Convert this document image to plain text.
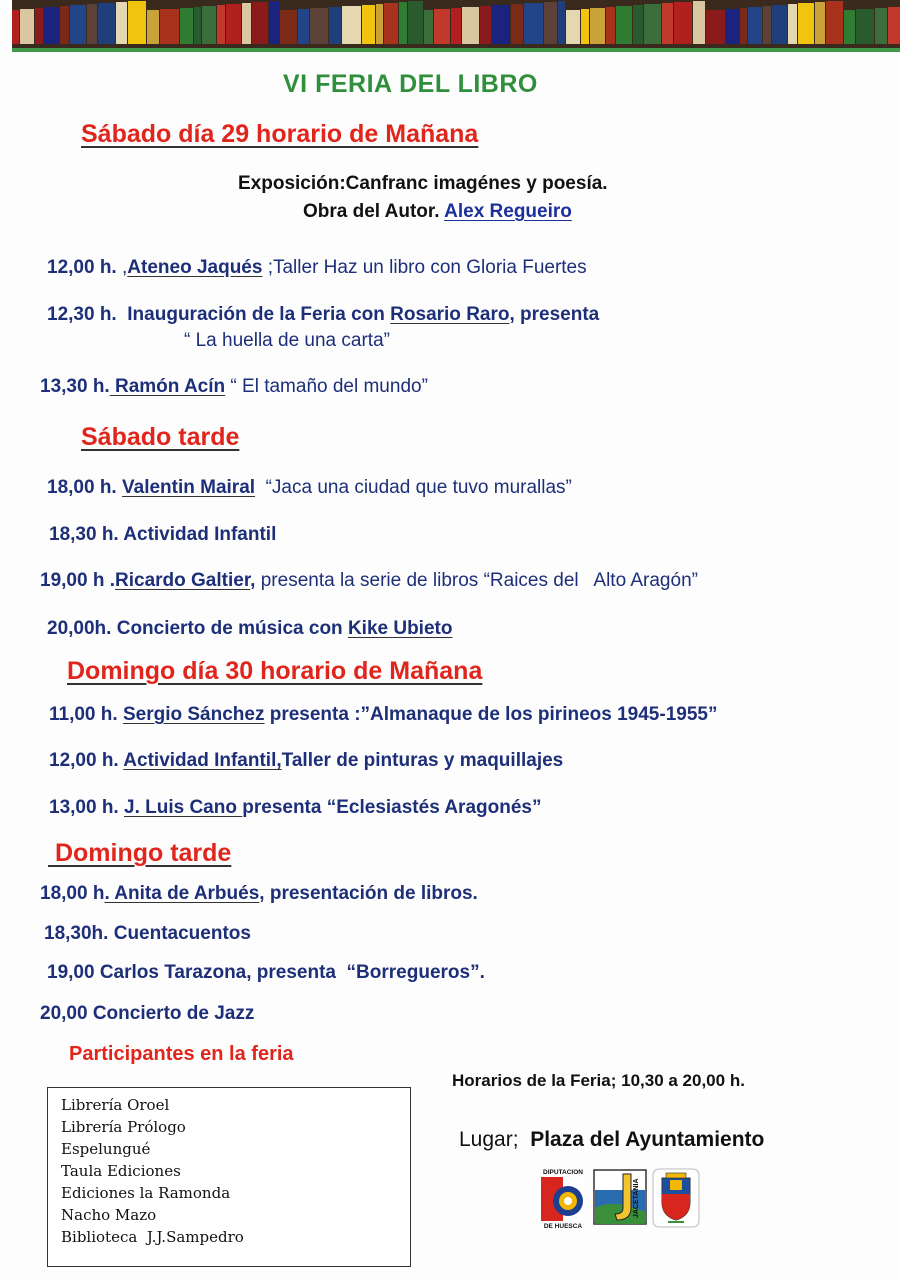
VI FERIA DEL LIBRO
Sábado día 29 horario de Mañana
Exposición:Canfranc imagénes y poesía.
Obra del Autor. Alex Regueiro
12,00 h. ,Ateneo Jaqués ;Taller Haz un libro con Gloria Fuertes
12,30 h.  Inauguración de la Feria con Rosario Raro, presenta
“ La huella de una carta”
13,30 h. Ramón Acín “ El tamaño del mundo”
Sábado tarde
18,00 h. Valentin Mairal  “Jaca una ciudad que tuvo murallas”
18,30 h. Actividad Infantil
19,00 h .Ricardo Galtier, presenta la serie de libros “Raices del   Alto Aragón”
20,00h. Concierto de música con Kike Ubieto
Domingo día 30 horario de Mañana
11,00 h. Sergio Sánchez presenta :”Almanaque de los pirineos 1945-1955”
12,00 h. Actividad Infantil,Taller de pinturas y maquillajes
13,00 h. J. Luis Cano presenta “Eclesiastés Aragonés”
Domingo tarde
18,00 h. Anita de Arbués, presentación de libros.
18,30h. Cuentacuentos
19,00 Carlos Tarazona, presenta  “Borregueros”.
20,00 Concierto de Jazz
Participantes en la feria
Librería Oroel
Librería Prólogo
Espelungué
Taula Ediciones
Ediciones la Ramonda
Nacho Mazo
Biblioteca  J.J.Sampedro
Horarios de la Feria; 10,30 a 20,00 h.
Lugar; Plaza del Ayuntamiento
DIPUTACION
DE HUESCA
JACETANIA
